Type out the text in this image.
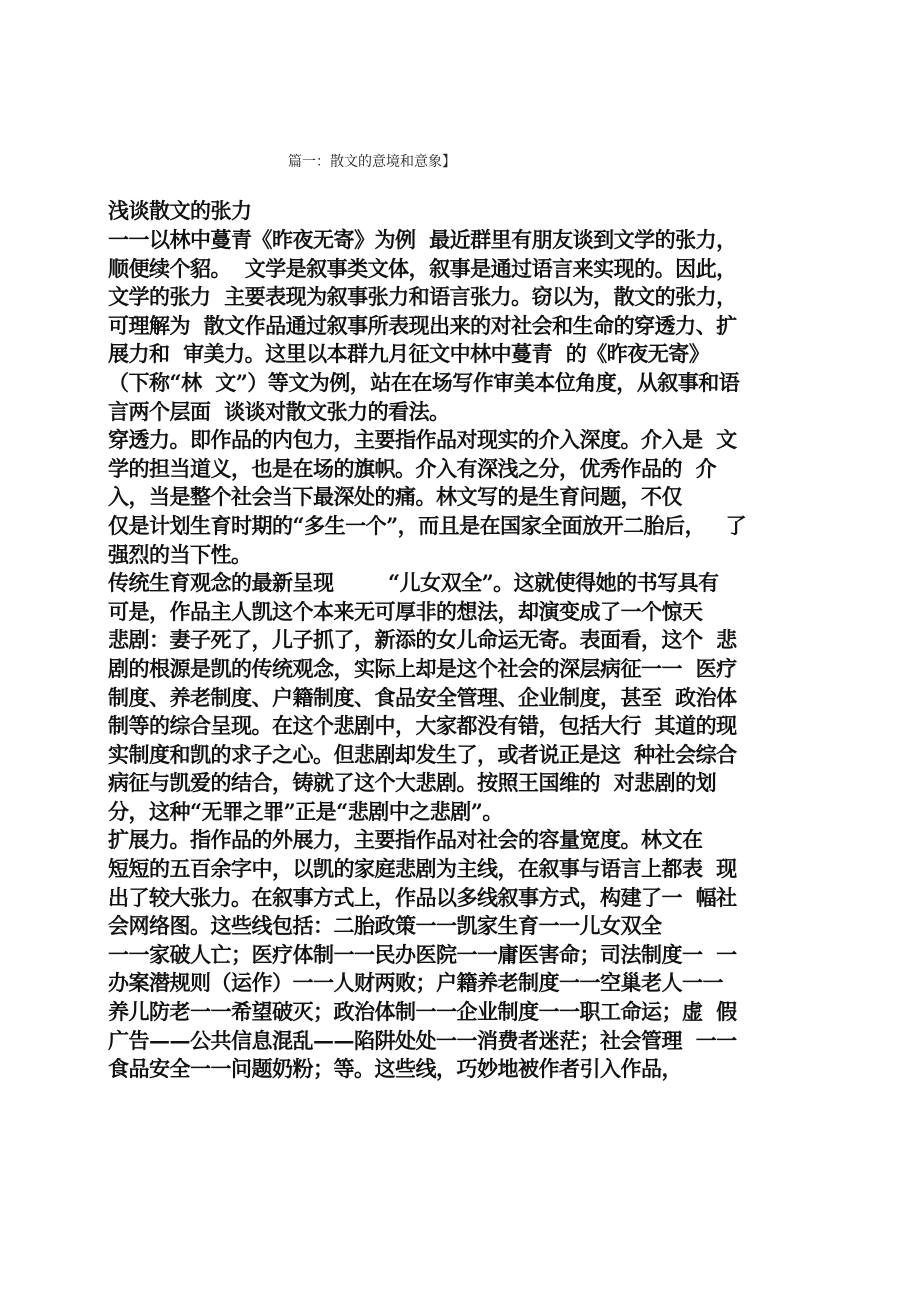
篇一：散文的意境和意象】
浅谈散文的张力
一一以林中蔓青《昨夜无寄》为例  最近群里有朋友谈到文学的张力，
顺便续个貂。  文学是叙事类文体，叙事是通过语言来实现的。因此，
文学的张力  主要表现为叙事张力和语言张力。窃以为，散文的张力，
可理解为  散文作品通过叙事所表现出来的对社会和生命的穿透力、扩
展力和  审美力。这里以本群九月征文中林中蔓青  的《昨夜无寄》
（下称“林  文”）等文为例，站在在场写作审美本位角度，从叙事和语
言两个层面  谈谈对散文张力的看法。
穿透力。即作品的内包力，主要指作品对现实的介入深度。介入是  文
学的担当道义，也是在场的旗帜。介入有深浅之分，优秀作品的  介
入，当是整个社会当下最深处的痛。林文写的是生育问题，不仅
仅是计划生育时期的“多生一个”，而且是在国家全面放开二胎后，   了
强烈的当下性。
传统生育观念的最新呈现        “儿女双全”。这就使得她的书写具有
可是，作品主人凯这个本来无可厚非的想法，却演变成了一个惊天
悲剧：妻子死了，儿子抓了，新添的女儿命运无寄。表面看，这个  悲
剧的根源是凯的传统观念，实际上却是这个社会的深层病征一一  医疗
制度、养老制度、户籍制度、食品安全管理、企业制度，甚至  政治体
制等的综合呈现。在这个悲剧中，大家都没有错，包括大行  其道的现
实制度和凯的求子之心。但悲剧却发生了，或者说正是这  种社会综合
病征与凯爱的结合，铸就了这个大悲剧。按照王国维的  对悲剧的划
分，这种“无罪之罪”正是“悲剧中之悲剧”。
扩展力。指作品的外展力，主要指作品对社会的容量宽度。林文在
短短的五百余字中，以凯的家庭悲剧为主线，在叙事与语言上都表  现
出了较大张力。在叙事方式上，作品以多线叙事方式，构建了一  幅社
会网络图。这些线包括：二胎政策一一凯家生育一一儿女双全
一一家破人亡；医疗体制一一民办医院一一庸医害命；司法制度一  一
办案潜规则（运作）一一人财两败；户籍养老制度一一空巢老人一一
养儿防老一一希望破灭；政治体制一一企业制度一一职工命运；虚  假
广告——公共信息混乱——陷阱处处一一消费者迷茫；社会管理  一一
食品安全一一问题奶粉；等。这些线，巧妙地被作者引入作品，
